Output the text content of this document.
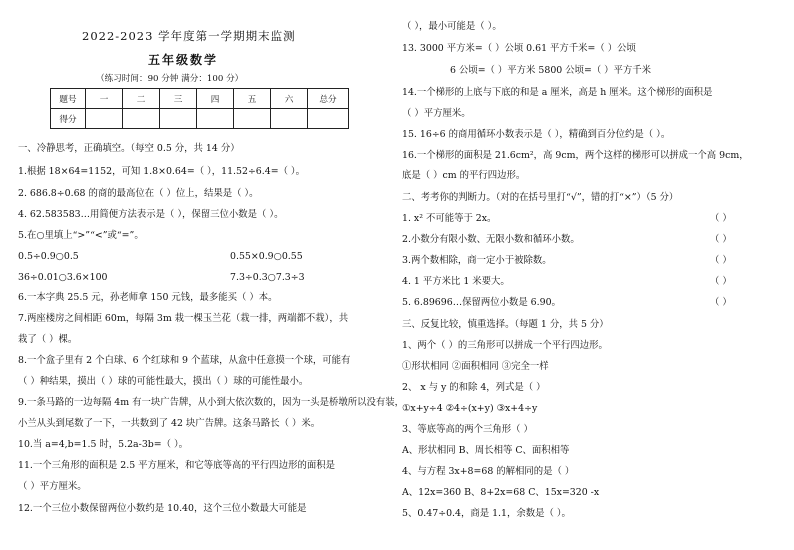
2022-2023 学年度第一学期期末监测
五年级数学
（练习时间：90 分钟 满分：100 分）
题号	一	二	三	四	五	六	总分
得分							
一、冷静思考，正确填空。（每空 0.5 分，共 14 分）
1.根据 18×64=1152，可知 1.8×0.64=（ ），11.52÷6.4=（ ）。
2. 686.8÷0.68 的商的最高位在（ ）位上，结果是（ ）。
4. 62.583583…用简便方法表示是（ ），保留三位小数是（ ）。
5.在○里填上“>”“<”或“=”。
0.5÷0.9○0.5	0.55×0.9○0.55
36÷0.01○3.6×100	7.3÷0.3○7.3÷3
6.一本字典 25.5 元，孙老师拿 150 元钱，最多能买（ ）本。
7.两座楼房之间相距 60m，每隔 3m 栽一棵玉兰花（栽一排，两端都不栽），共
栽了（ ）棵。
8.一个盒子里有 2 个白球、6 个红球和 9 个蓝球，从盒中任意摸一个球，可能有
（ ）种结果，摸出（ ）球的可能性最大，摸出（ ）球的可能性最小。
9.一条马路的一边每隔 4m 有一块广告牌，从小到大依次数的，因为一头是桥墩所以没有装，
小兰从头到尾数了一下，一共数到了 42 块广告牌。这条马路长（ ）米。
10.当 a=4,b=1.5 时，5.2a-3b=（ ）。
11.一个三角形的面积是 2.5 平方厘米，和它等底等高的平行四边形的面积是
（ ）平方厘米。
12.一个三位小数保留两位小数约是 10.40，这个三位小数最大可能是
（ ），最小可能是（ ）。
13. 3000 平方米=（ ）公顷 0.61 平方千米=（ ）公顷
6 公顷=（ ）平方米 5800 公顷=（ ）平方千米
14.一个梯形的上底与下底的和是 a 厘米，高是 h 厘米。这个梯形的面积是
（ ）平方厘米。
15. 16÷6 的商用循环小数表示是（ ），精确到百分位约是（ ）。
16.一个梯形的面积是 21.6cm²，高 9cm，两个这样的梯形可以拼成一个高 9cm，
底是（ ）cm 的平行四边形。
二、考考你的判断力。（对的在括号里打“√”，错的打“×”）（5 分）
1. x² 不可能等于 2x。	（ ）
2.小数分有限小数、无限小数和循环小数。	（ ）
3.两个数相除，商一定小于被除数。	（ ）
4. 1 平方米比 1 米要大。	（ ）
5. 6.89696…保留两位小数是 6.90。	（ ）
三、反复比较，慎重选择。（每题 1 分，共 5 分）
1、两个（ ）的三角形可以拼成一个平行四边形。
①形状相同 ②面积相同 ③完全一样
2、 x 与 y 的和除 4，列式是（ ）
①x+y÷4 ②4÷(x+y) ③x+4÷y
3、等底等高的两个三角形（ ）
A、形状相同 B、周长相等 C、面积相等
4、与方程 3x+8=68 的解相同的是（ ）
A、12x=360 B、8+2x=68 C、15x=320 -x
5、0.47÷0.4，商是 1.1，余数是（ ）。
